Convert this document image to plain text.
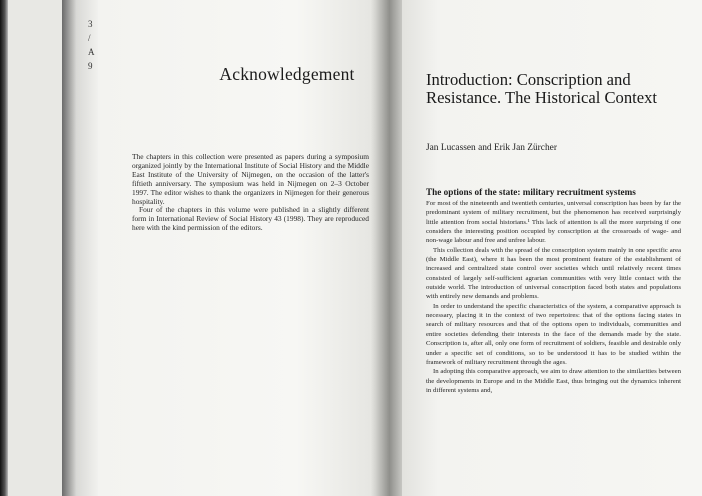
3
/
A
9	Acknowledgement

The chapters in this collection were presented as papers during a symposium organized jointly by the International Institute of Social History and the Middle East Institute of the University of Nijmegen, on the occasion of the latter's fiftieth anniversary. The symposium was held in Nijmegen on 2–3 October 1997. The editor wishes to thank the organizers in Nijmegen for their generous hospitality.

Four of the chapters in this volume were published in a slightly different form in International Review of Social History 43 (1998). They are reproduced here with the kind permission of the editors.

Introduction: Conscription and
Resistance. The Historical Context
Jan Lucassen and Erik Jan Zürcher
The options of the state: military recruitment systems

For most of the nineteenth and twentieth centuries, universal conscription has been by far the predominant system of military recruitment, but the phenomenon has received surprisingly little attention from social historians.¹ This lack of attention is all the more surprising if one considers the interesting position occupied by conscription at the crossroads of wage- and non-wage labour and free and unfree labour.

This collection deals with the spread of the conscription system mainly in one specific area (the Middle East), where it has been the most prominent feature of the establishment of increased and centralized state control over societies which until relatively recent times consisted of largely self-sufficient agrarian communities with very little contact with the outside world. The introduction of universal conscription faced both states and populations with entirely new demands and problems.

In order to understand the specific characteristics of the system, a comparative approach is necessary, placing it in the context of two repertoires: that of the options facing states in search of military resources and that of the options open to individuals, communities and entire societies defending their interests in the face of the demands made by the state. Conscription is, after all, only one form of recruitment of soldiers, feasible and desirable only under a specific set of conditions, so to be understood it has to be studied within the framework of military recruitment through the ages.

In adopting this comparative approach, we aim to draw attention to the similarities between the developments in Europe and in the Middle East, thus bringing out the dynamics inherent in different systems and,
